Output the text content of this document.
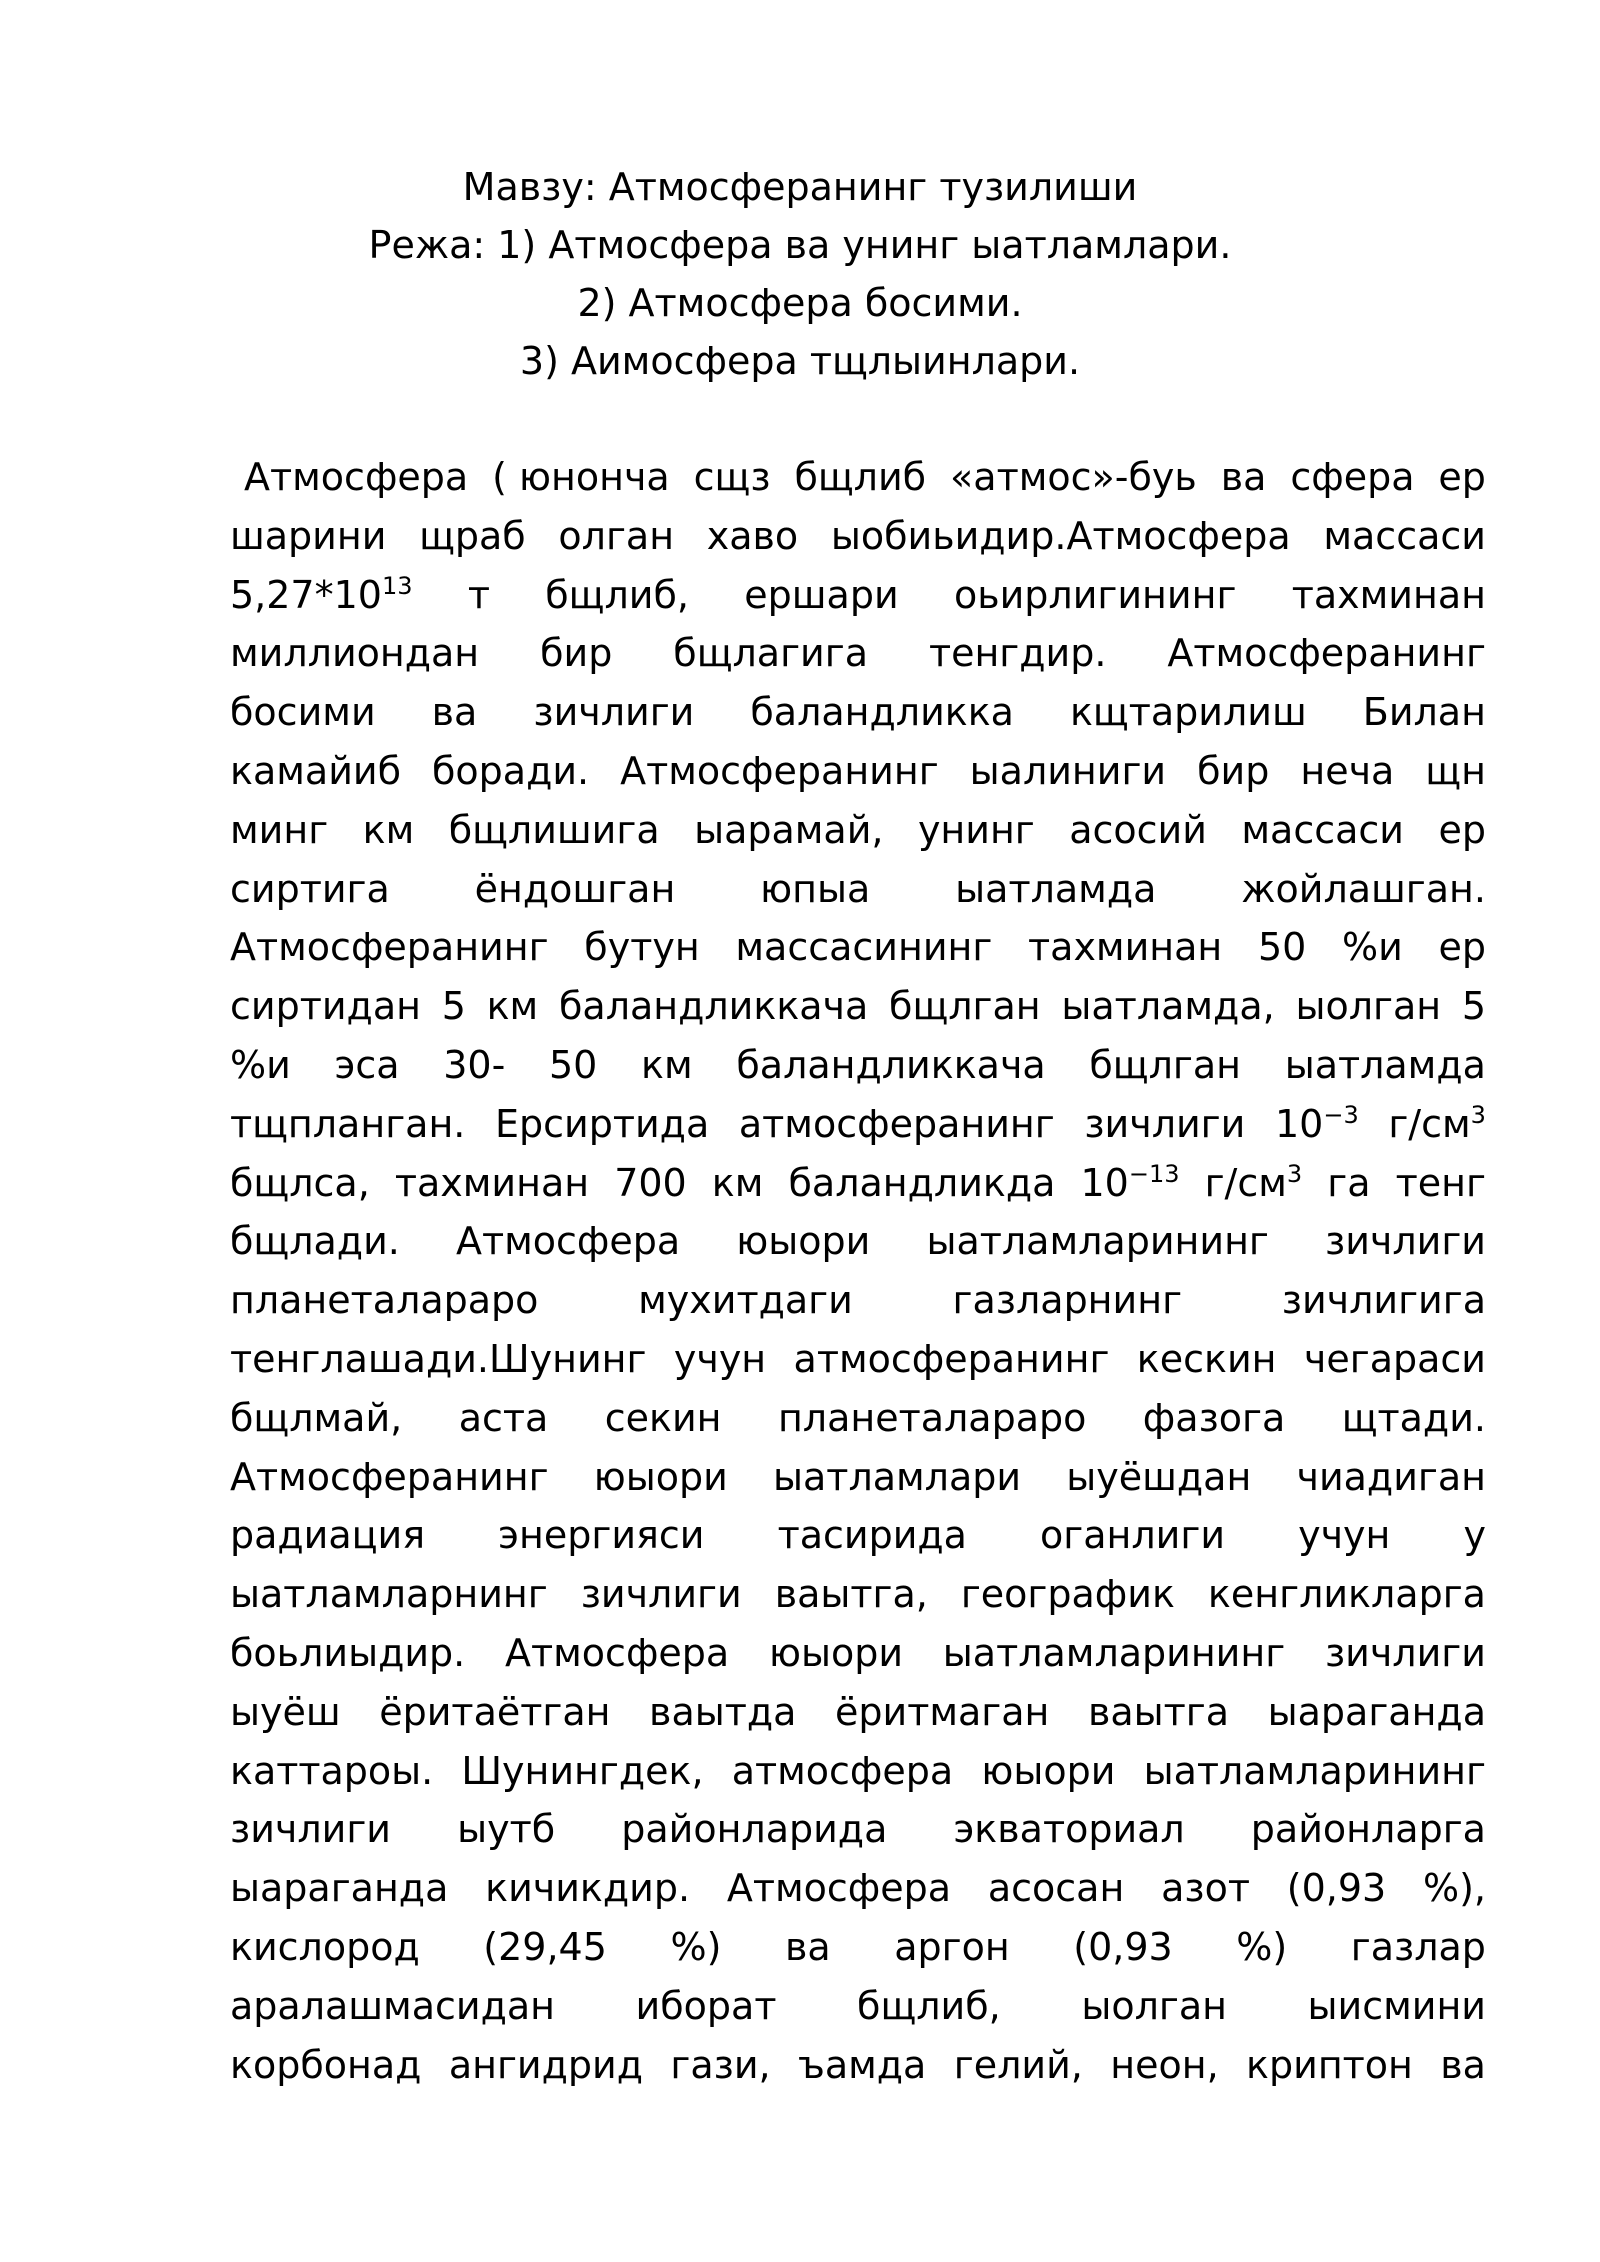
Мавзу: Атмосферанинг тузилиши
Режа: 1) Атмосфера ва унинг ыатламлари.
2) Атмосфера босими.
3) Аимосфера тщлыинлари.
Атмосфера ( юнонча сщз бщлиб «атмос»-буь ва сфера ер
шарини щраб олган хаво ыобиьидир.Атмосфера массаси
$5,27*10^{13}$ т бщлиб, ершари оьирлигининг тахминан
миллиондан бир бщлагига тенгдир. Атмосферанинг
босими ва зичлиги баландликка кщтарилиш Билан
камайиб боради. Атмосферанинг ыалиниги бир неча щн
минг км бщлишига ыарамай, унинг асосий массаси ер
сиртига ёндошган юпыа ыатламда жойлашган.
Атмосферанинг бутун массасининг тахминан 50 %и ер
сиртидан 5 км баландликкача бщлган ыатламда, ыолган 5
%и эса 30- 50 км баландликкача бщлган ыатламда
тщпланган. Ерсиртида атмосферанинг зичлиги $10^{-3}$ $г/см^3$
бщлса, тахминан 700 км баландликда $10^{-13}$ $г/см^3$ га тенг
бщлади. Атмосфера юыори ыатламларининг зичлиги
планеталараро	мухитдаги	газларнинг	зичлигига
тенглашади.Шунинг учун атмосферанинг кескин чегараси
бщлмай, аста секин планеталараро фазога щтади.
Атмосферанинг юыори ыатламлари ыуёшдан чиадиган
радиация энергияси тасирида оганлиги учун у
ыатламларнинг зичлиги ваытга, географик кенгликларга
боьлиыдир. Атмосфера юыори ыатламларининг зичлиги
ыуёш ёритаётган ваытда ёритмаган ваытга ыараганда
каттароы. Шунингдек, атмосфера юыори ыатламларининг
зичлиги ыутб районларида экваториал районларга
ыараганда кичикдир. Атмосфера асосан азот (0,93 %),
кислород (29,45 %) ва аргон (0,93 %) газлар
аралашмасидан иборат бщлиб, ыолган ыисмини
корбонад ангидрид гази, ъамда гелий, неон, криптон ва
